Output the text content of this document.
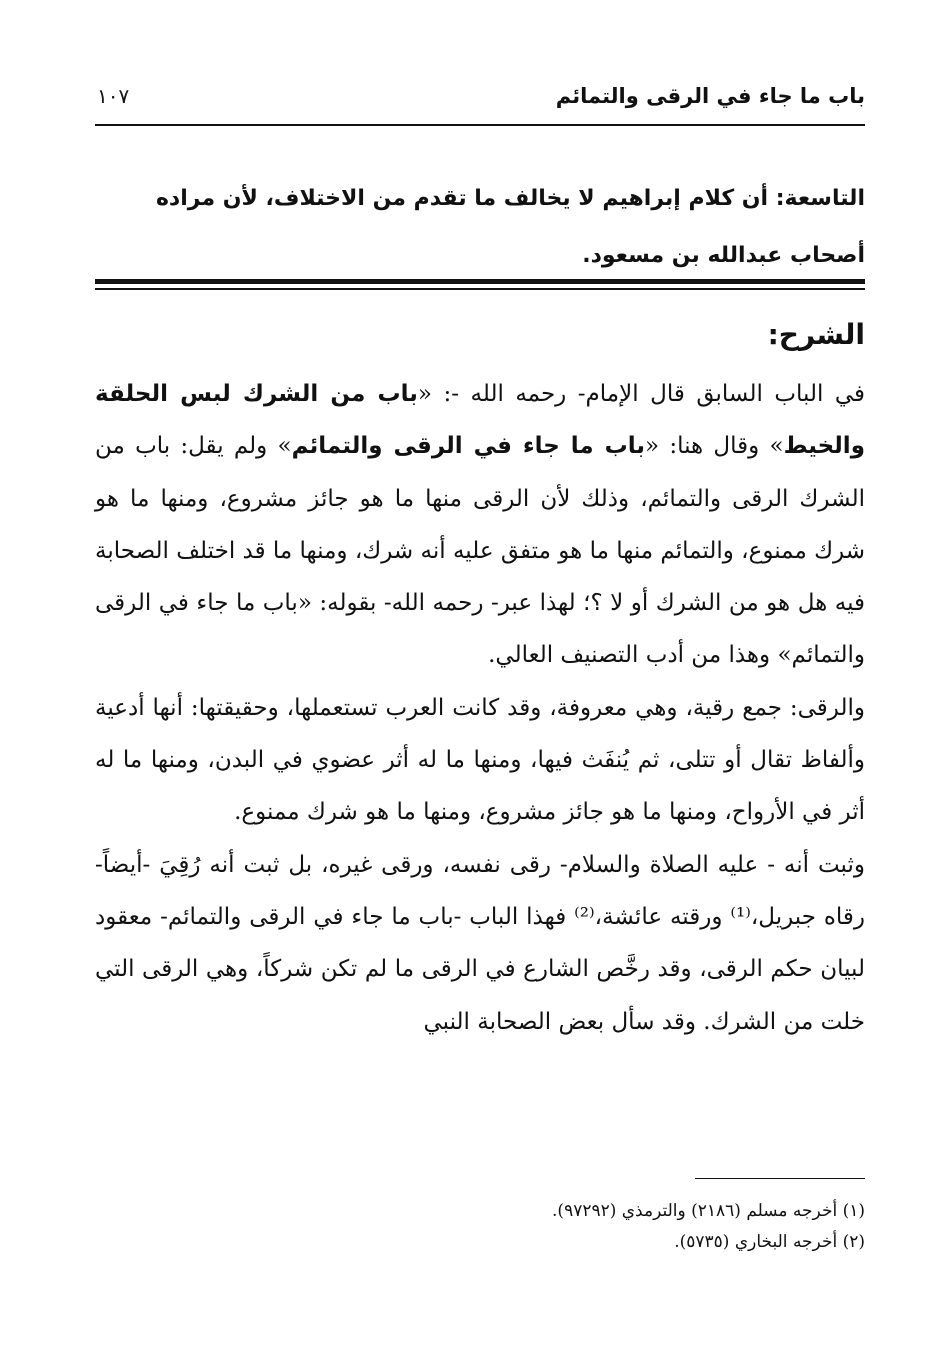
باب ما جاء في الرقى والتمائم
١٠٧

التاسعة: أن كلام إبراهيم لا يخالف ما تقدم من الاختلاف، لأن مراده

أصحاب عبدالله بن مسعود.

الشرح:

في الباب السابق قال الإمام- رحمه الله -: «باب من الشرك لبس الحلقة والخيط» وقال هنا: «باب ما جاء في الرقى والتمائم» ولم يقل: باب من الشرك الرقى والتمائم، وذلك لأن الرقى منها ما هو جائز مشروع، ومنها ما هو شرك ممنوع، والتمائم منها ما هو متفق عليه أنه شرك، ومنها ما قد اختلف الصحابة فيه هل هو من الشرك أو لا ؟؛ لهذا عبر- رحمه الله- بقوله: «باب ما جاء في الرقى والتمائم» وهذا من أدب التصنيف العالي.

والرقى: جمع رقية، وهي معروفة، وقد كانت العرب تستعملها، وحقيقتها: أنها أدعية وألفاظ تقال أو تتلى، ثم يُنفَث فيها، ومنها ما له أثر عضوي في البدن، ومنها ما له أثر في الأرواح، ومنها ما هو جائز مشروع، ومنها ما هو شرك ممنوع.

وثبت أنه - عليه الصلاة والسلام- رقى نفسه، ورقى غيره، بل ثبت أنه رُقِيَ -أيضاً- رقاه جبريل،⁽¹⁾ ورقته عائشة،⁽²⁾ فهذا الباب -باب ما جاء في الرقى والتمائم- معقود لبيان حكم الرقى، وقد رخَّص الشارع في الرقى ما لم تكن شركاً، وهي الرقى التي خلت من الشرك. وقد سأل بعض الصحابة النبي

(١) أخرجه مسلم (٢١٨٦) والترمذي (٩٧٢٩٢).

(٢) أخرجه البخاري (٥٧٣٥).
